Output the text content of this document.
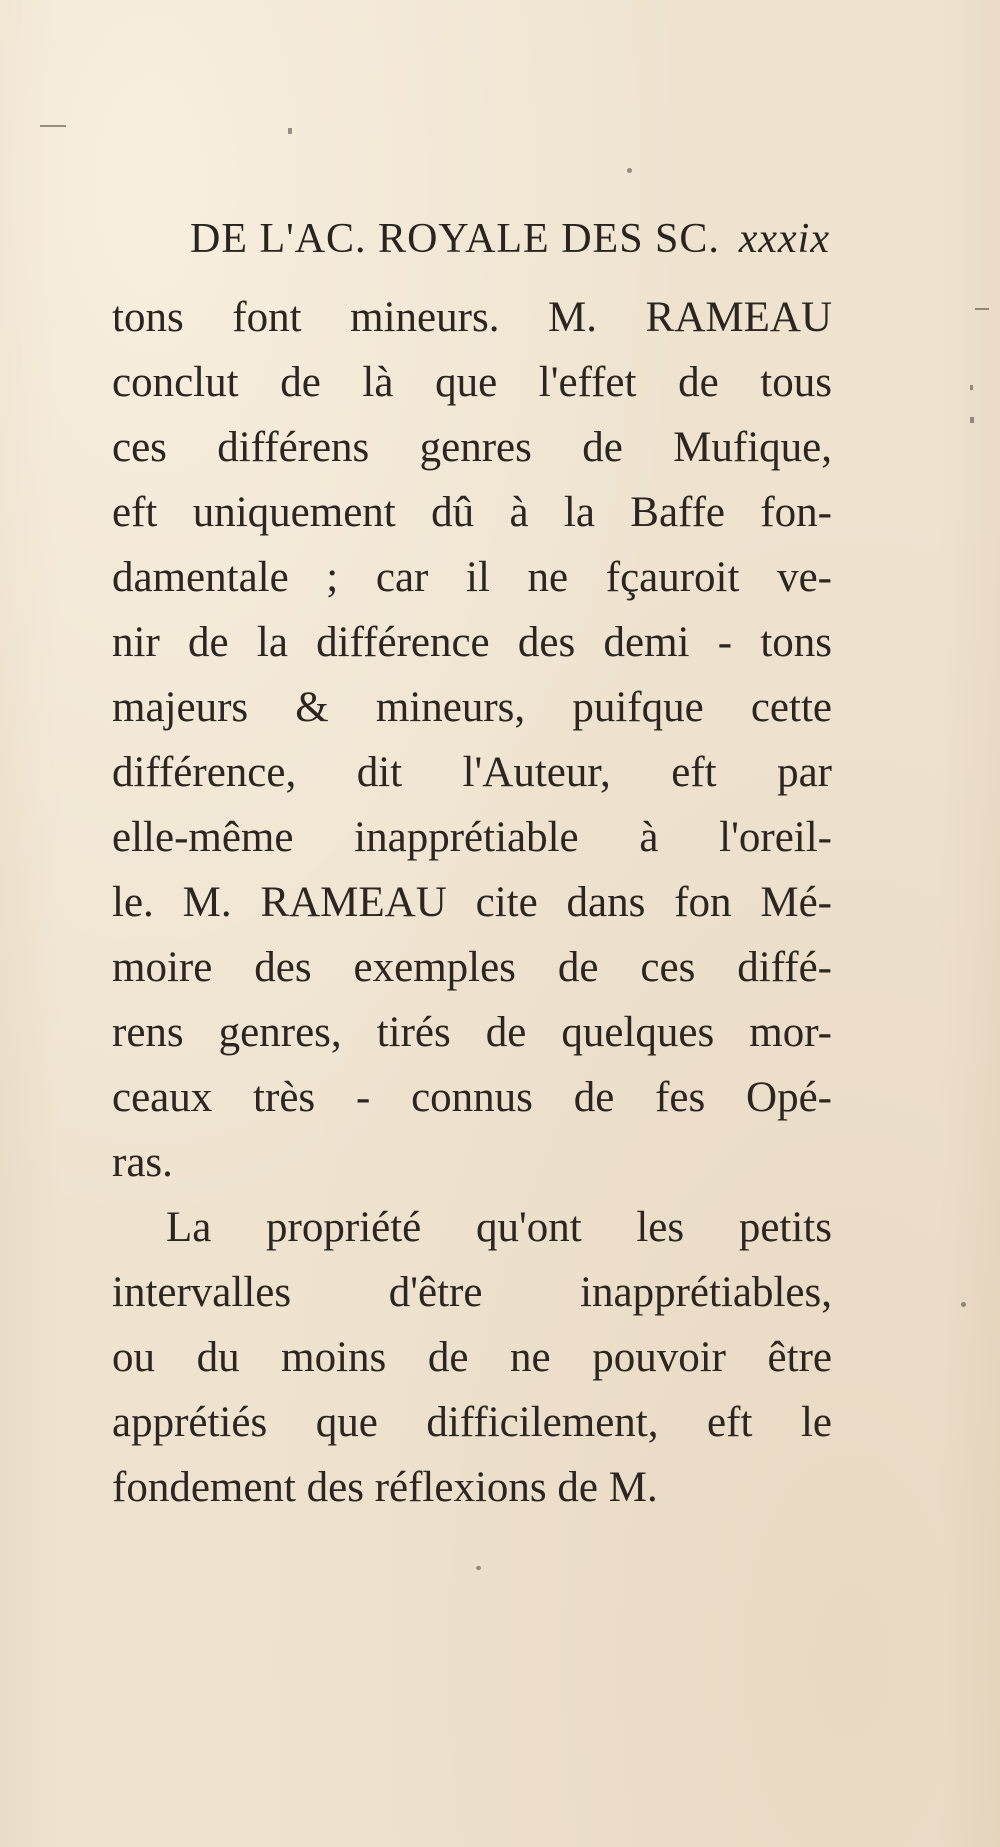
DE L'AC. ROYALE DES SC. xxxix
tons font mineurs. M. RAMEAU
conclut de là que l'effet de tous
ces différens genres de Mufique,
eft uniquement dû à la Baffe fon-
damentale ; car il ne fçauroit ve-
nir de la différence des demi - tons
majeurs & mineurs, puifque cette
différence, dit l'Auteur, eft par
elle-même inapprétiable à l'oreil-
le. M. RAMEAU cite dans fon Mé-
moire des exemples de ces diffé-
rens genres, tirés de quelques mor-
ceaux très - connus de fes Opé-
ras.
La propriété qu'ont les petits
intervalles d'être inapprétiables,
ou du moins de ne pouvoir être
apprétiés que difficilement, eft le
fondement des réflexions de M.
